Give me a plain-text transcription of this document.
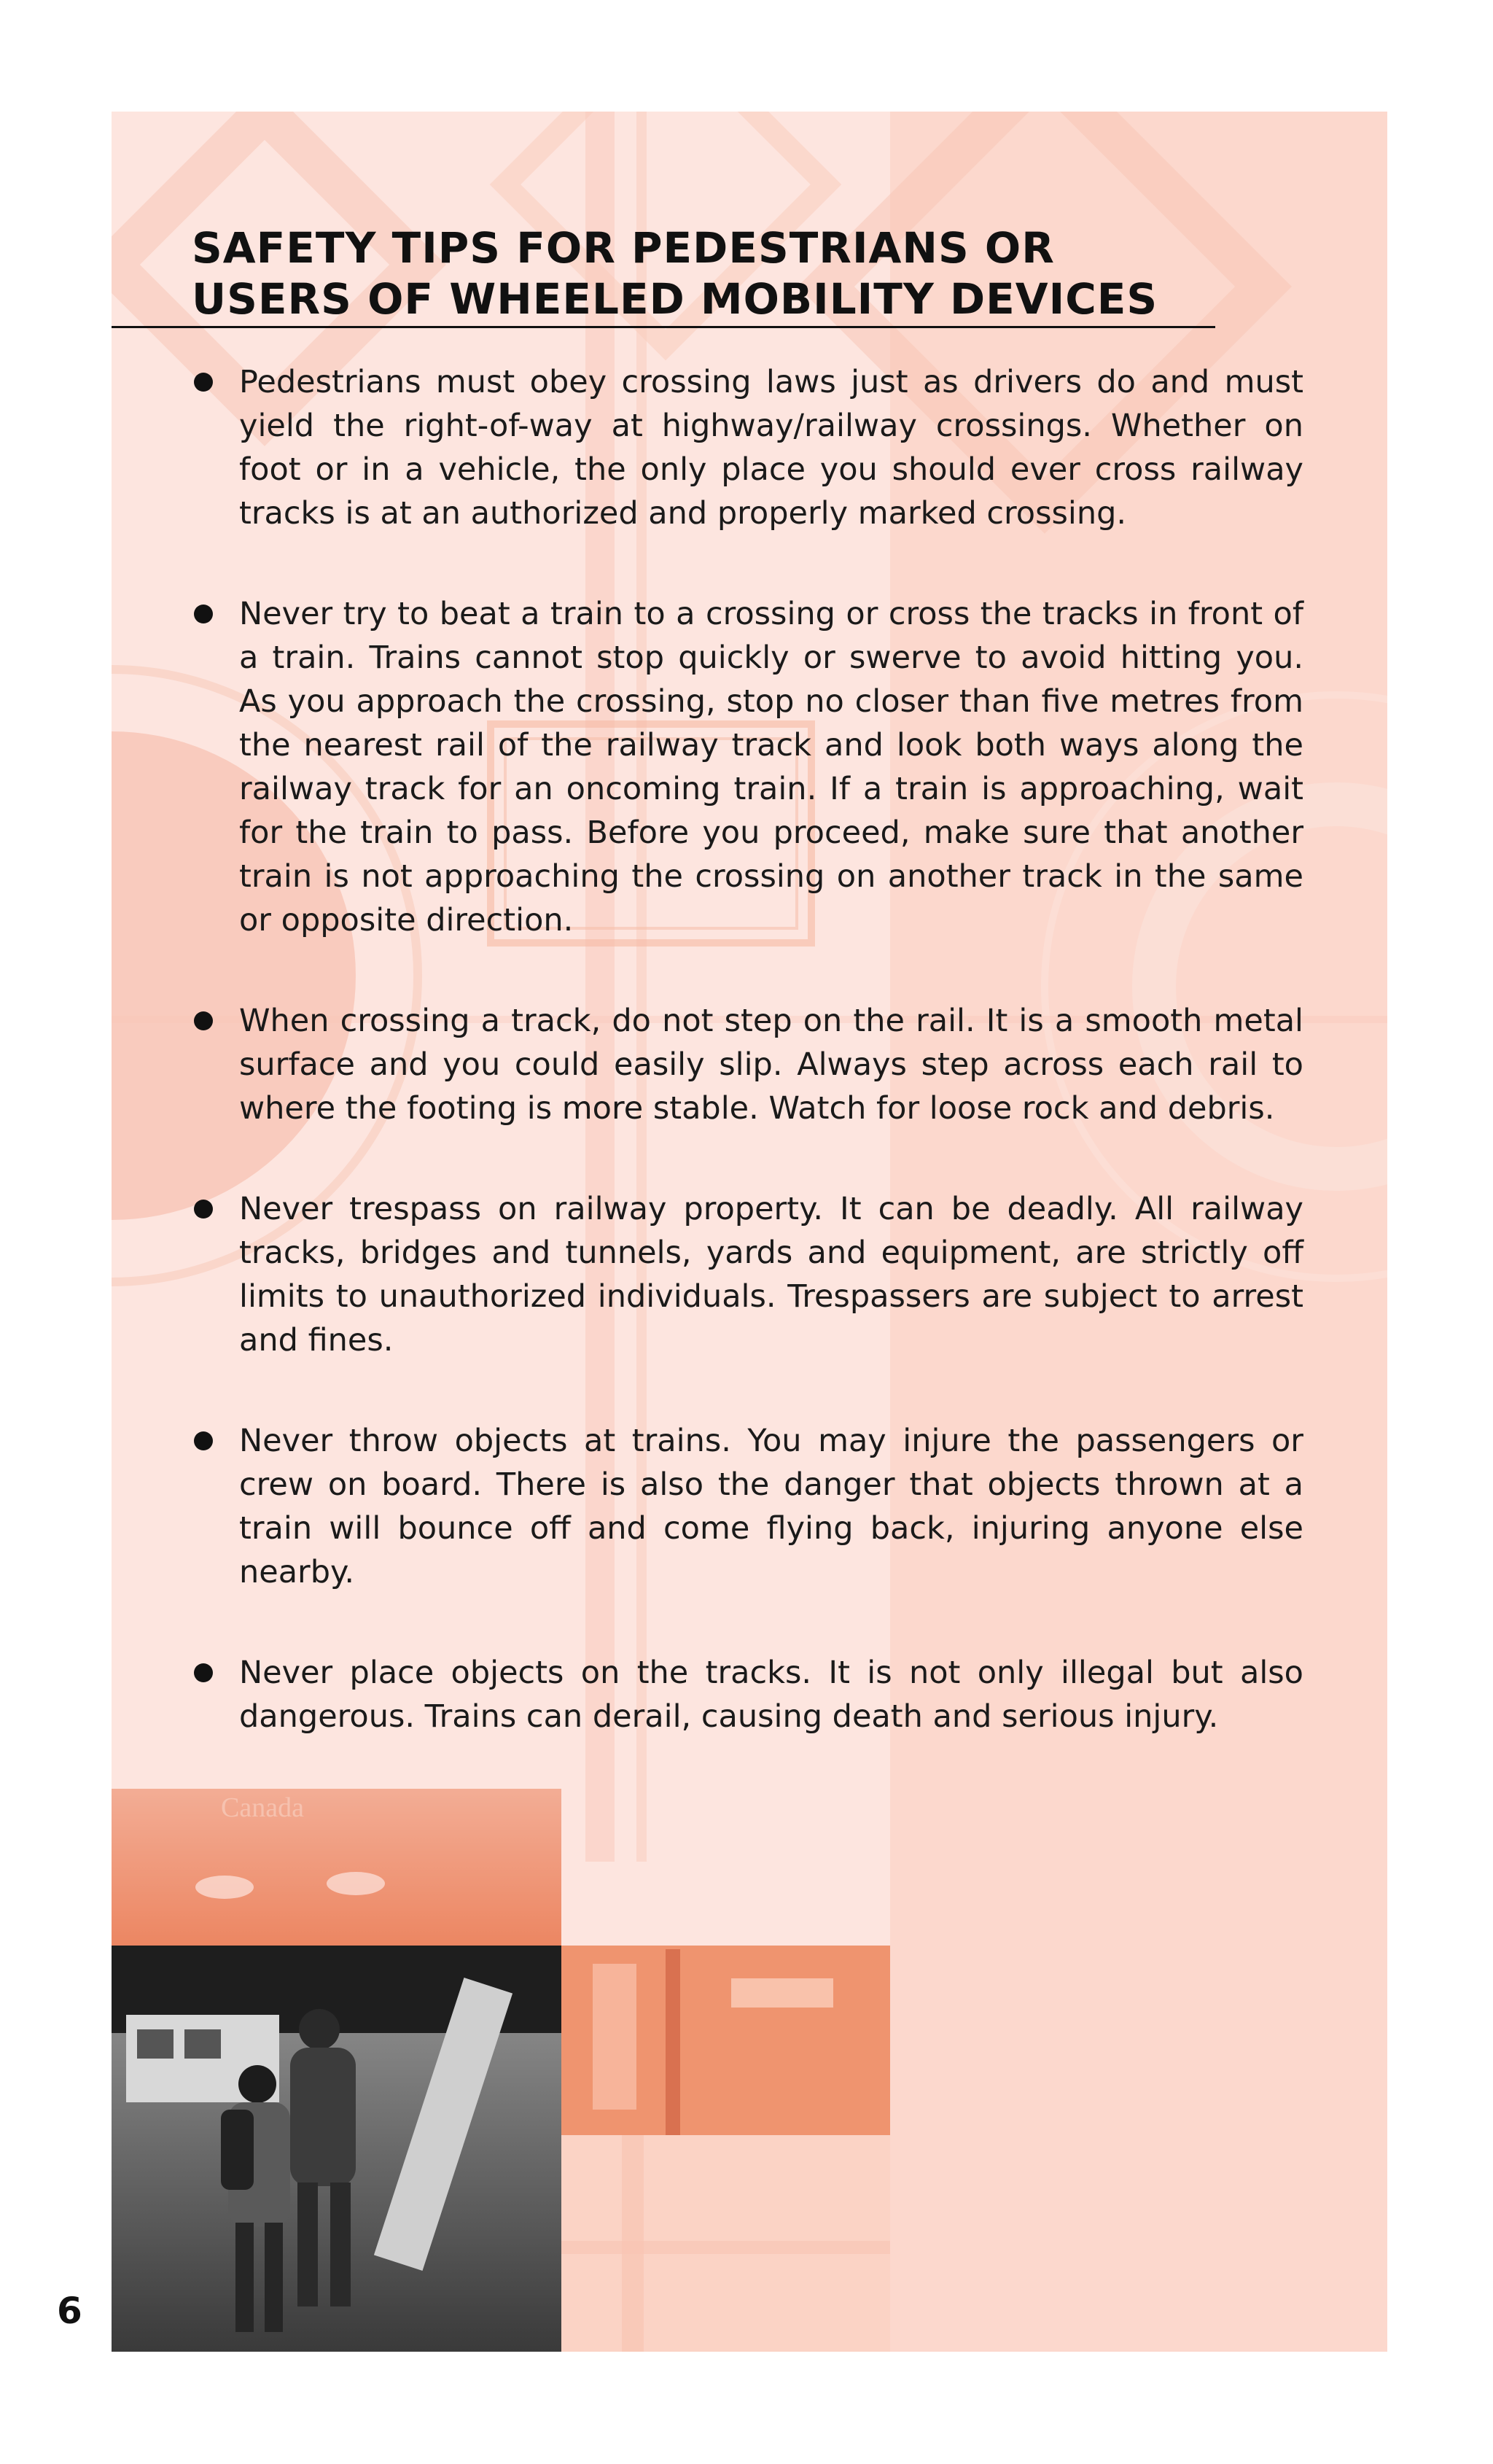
SAFETY TIPS FOR PEDESTRIANS OR USERS OF WHEELED MOBILITY DEVICES
Pedestrians must obey crossing laws just as drivers do and must yield the right-of-way at highway/railway crossings. Whether on foot or in a vehicle, the only place you should ever cross railway tracks is at an authorized and properly marked crossing.
Never try to beat a train to a crossing or cross the tracks in front of a train. Trains cannot stop quickly or swerve to avoid hitting you. As you approach the crossing, stop no closer than five metres from the nearest rail of the railway track and look both ways along the railway track for an oncoming train. If a train is approaching, wait for the train to pass. Before you proceed, make sure that another train is not approaching the crossing on another track in the same or opposite direction.
When crossing a track, do not step on the rail. It is a smooth metal surface and you could easily slip. Always step across each rail to where the footing is more stable. Watch for loose rock and debris.
Never trespass on railway property. It can be deadly. All railway tracks, bridges and tunnels, yards and equipment, are strictly off limits to unauthorized individuals. Trespassers are subject to arrest and fines.
Never throw objects at trains. You may injure the passengers or crew on board. There is also the danger that objects thrown at a train will bounce off and come flying back, injuring anyone else nearby.
Never place objects on the tracks. It is not only illegal but also dangerous. Trains can derail, causing death and serious injury.
Canada
6
